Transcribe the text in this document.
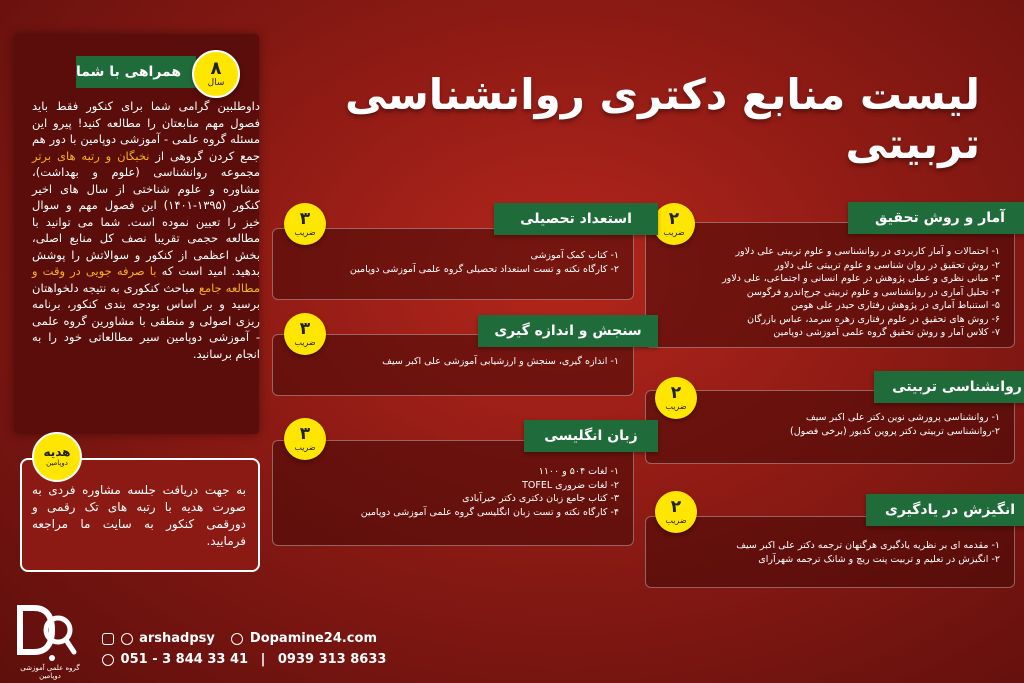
لیست منابع دکتری روانشناسی تربیتی
همراهی با شما	۸
سال
داوطلبین گرامی شما برای کنکور فقط باید فصول مهم منابعتان را مطالعه کنید! پیرو این مسئله گروه علمی - آموزشی دوپامین با دور هم جمع کردن گروهی از نخبگان و رتبه های برتر مجموعه روانشناسی (علوم و بهداشت)، مشاوره و علوم شناختی از سال های اخیر کنکور (۱۳۹۵-۱۴۰۱) این فصول مهم و سوال خیز را تعیین نموده است. شما می توانید با مطالعه حجمی تقریبا نصف کل منابع اصلی، بخش اعظمی از کنکور و سوالاتش را پوشش بدهید. امید است که با صرفه جویی در وقت و مطالعه جامع مباحث کنکوری به نتیجه دلخواهتان برسید و بر اساس بودجه بندی کنکور، برنامه ریزی اصولی و منطقی با مشاورین گروه علمی - آموزشی دوپامین سیر مطالعاتی خود را به انجام برسانید.
هدیه
دوپامین
به جهت دریافت جلسه مشاوره فردی به صورت هدیه با رتبه های تک رقمی و دورقمی کنکور به سایت ما مراجعه فرمایید.
۱- احتمالات و آمار کاربردی در روانشناسی و علوم تربیتی علی دلاور
۲- روش تحقیق در روان شناسی و علوم تربیتی علی دلاور
۳- مبانی نظری و عملی پژوهش در علوم انسانی و اجتماعی، علی دلاور
۴- تحلیل آماری در روانشناسی و علوم تربیتی جرج‌اندرو فرگوسن
۵- استنباط آماری در پژوهش رفتاری حیدر علی هومن
۶- روش های تحقیق در علوم رفتاری زهره سرمد، عباس بازرگان
۷- کلاس آمار و روش تحقیق گروه علمی آموزشی دوپامین
آمار و روش تحقیق
۲
ضریب
۱- کتاب کمک آموزشی
۲- کارگاه نکته و تست استعداد تحصیلی گروه علمی آموزشی دوپامین
استعداد تحصیلی
۳
ضریب
۱- اندازه گیری، سنجش و ارزشیابی آموزشی علی اکبر سیف
سنجش و اندازه گیری
۳
ضریب
۱- روانشناسی پرورشی نوین دکتر علی اکبر سیف
۲-روانشناسی تربیتی دکتر پروین کدیور (برخی فصول)
روانشناسی تربیتی
۲
ضریب
۱- لغات ۵۰۴ و ۱۱۰۰
۲- لغات ضروری TOFEL
۳- کتاب جامع زبان دکتری دکتر خیرآبادی
۴- کارگاه نکته و تست زبان انگلیسی گروه علمی آموزشی دوپامین
زبان انگلیسی
۳
ضریب
۱- مقدمه ای بر نظریه یادگیری هرگنهان ترجمه دکتر علی اکبر سیف
۲- انگیزش در تعلیم و تربیت پنت ریچ و شانک ترجمه شهرآرای
انگیزش در یادگیری
۲
ضریب
گروه علمی آموزشی دوپامین
arshadpsy	Dopamine24.com
051 - 3 844 33 41 | 0939 313 8633
